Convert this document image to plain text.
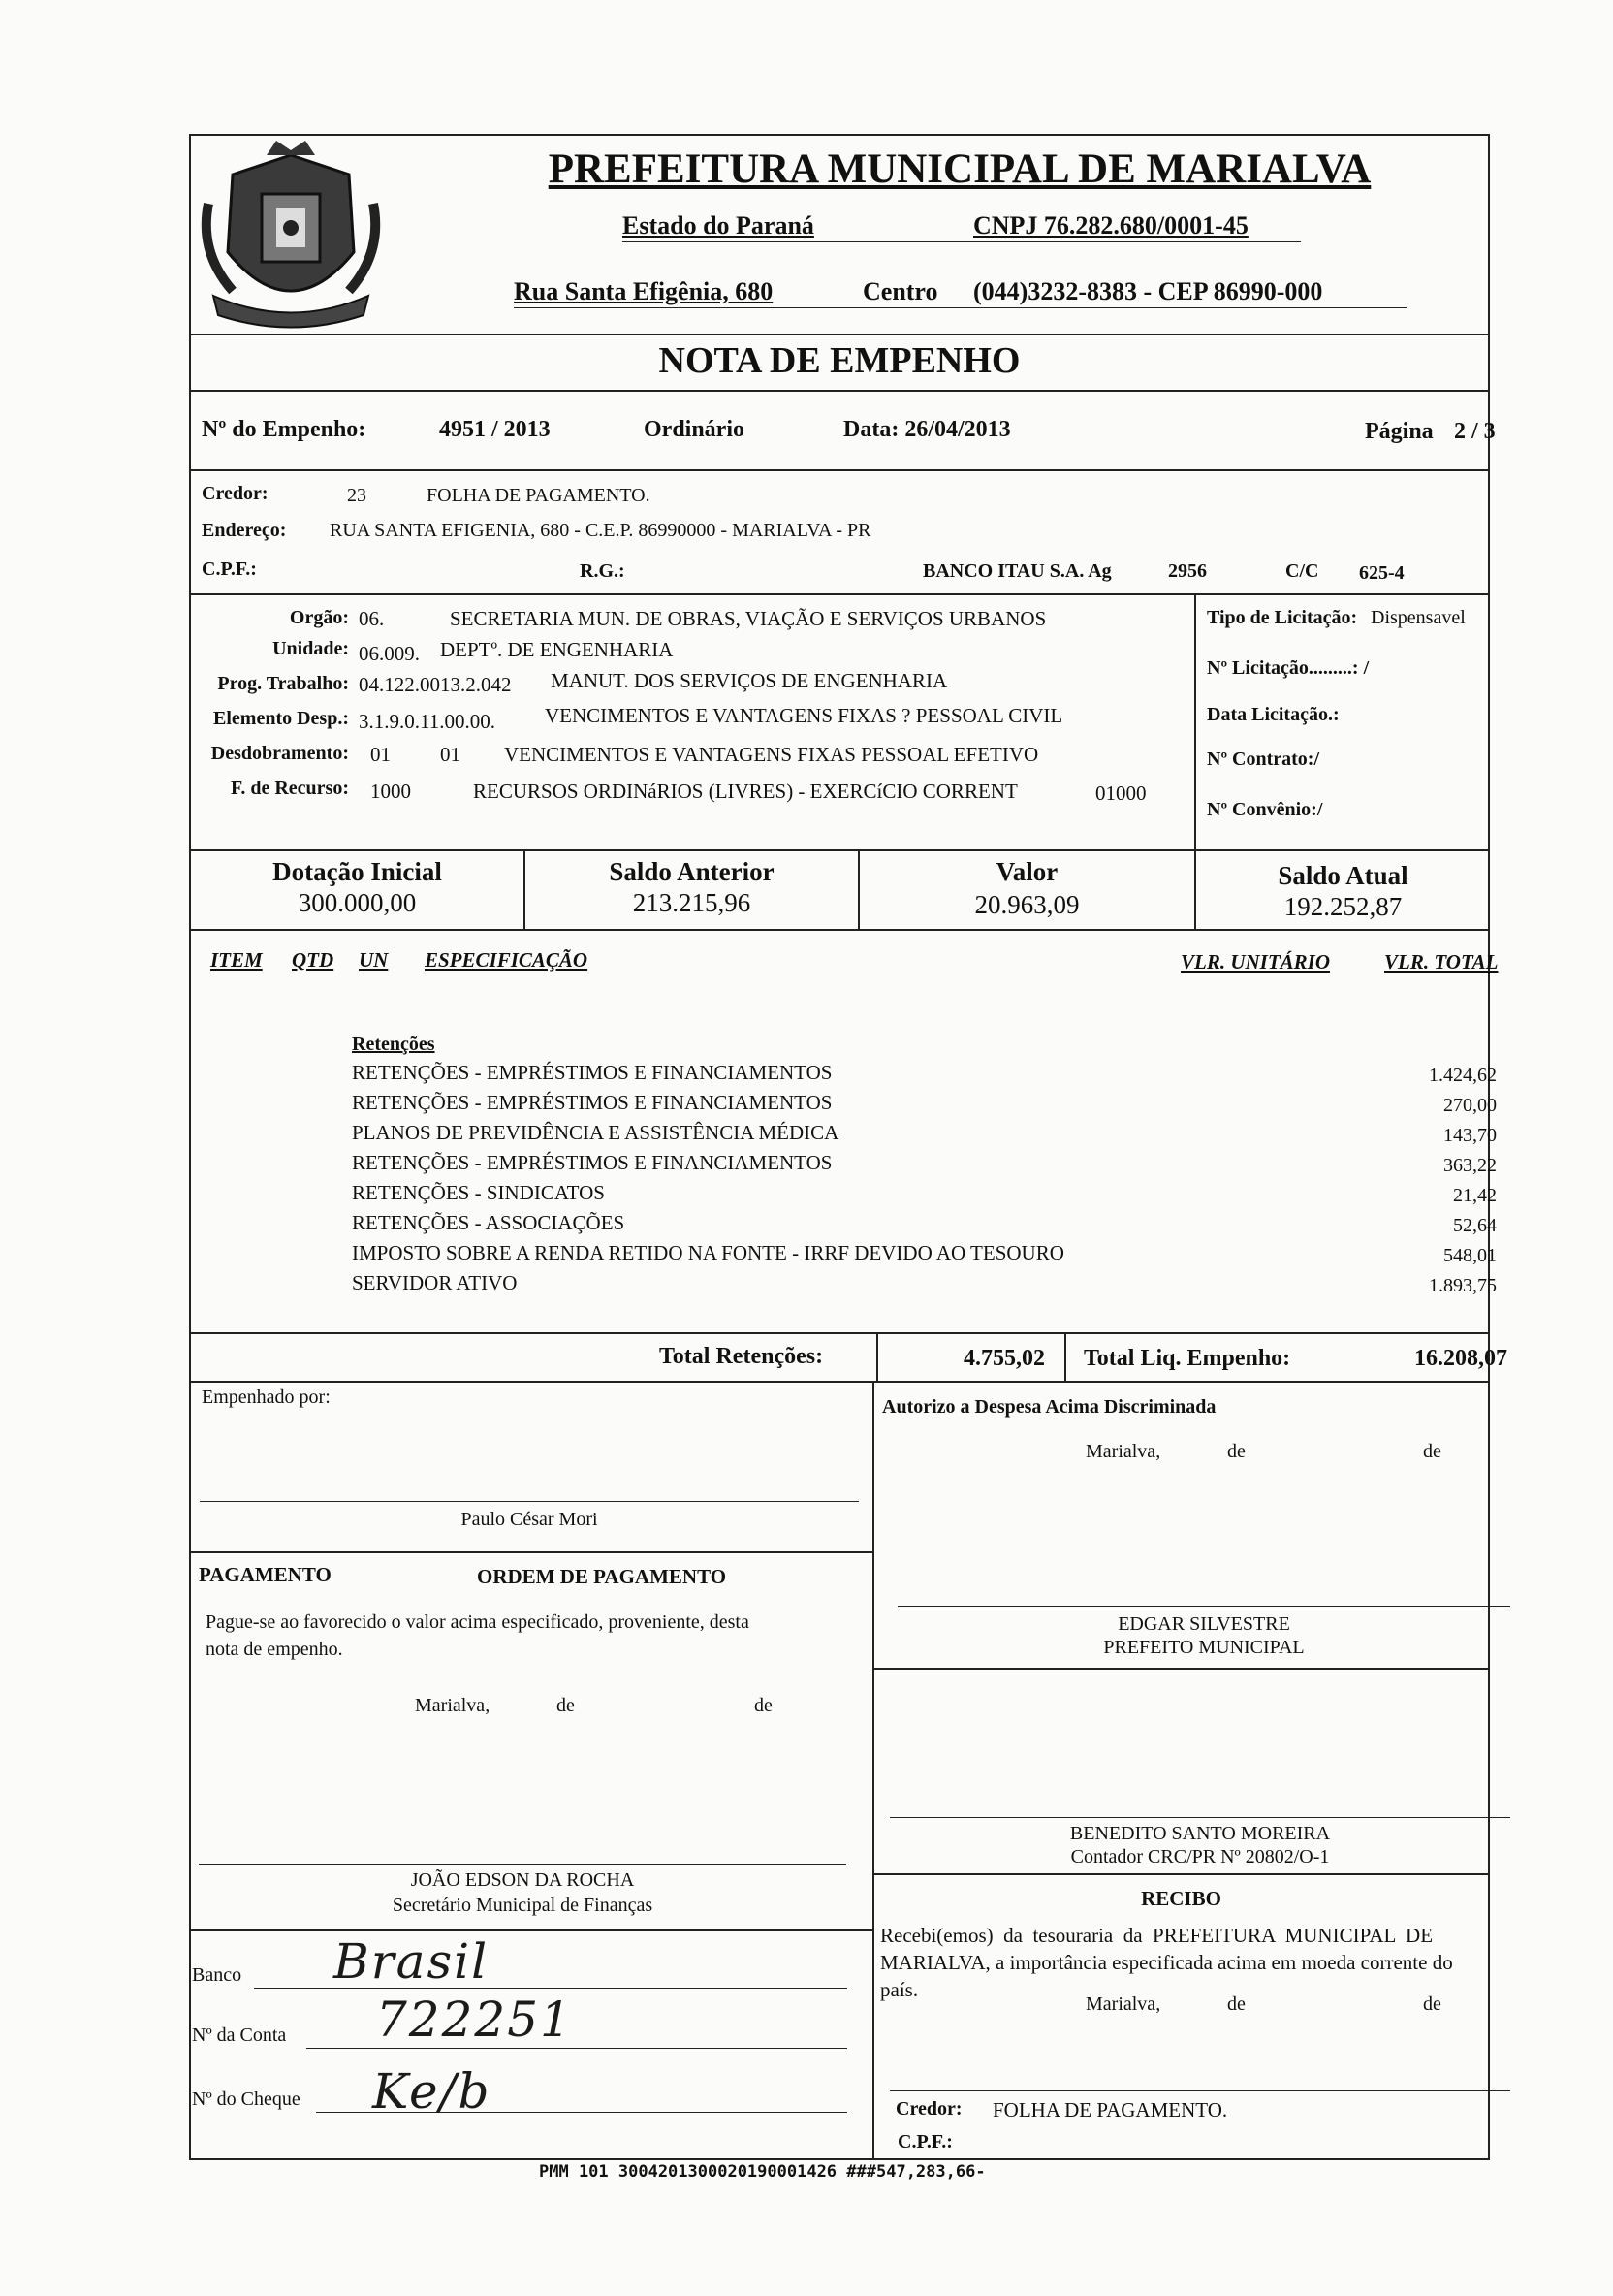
PREFEITURA MUNICIPAL DE MARIALVA
Estado do Paraná	CNPJ 76.282.680/0001-45
Rua Santa Efigênia, 680	Centro (044)3232-8383 - CEP 86990-000
NOTA DE EMPENHO
Nº do Empenho:	4951 / 2013	Ordinário	Data: 26/04/2013	Página 2 / 3
Credor:	23	FOLHA DE PAGAMENTO.
Endereço: RUA SANTA EFIGENIA, 680 - C.E.P. 86990000 - MARIALVA - PR
C.P.F.:	R.G.:	BANCO ITAU S.A. Ag	2956	C/C 625-4
Orgão: 06.	SECRETARIA MUN. DE OBRAS, VIAÇÃO E SERVIÇOS URBANOS
Unidade: 06.009. DEPTº. DE ENGENHARIA
Prog. Trabalho: 04.122.0013.2.042 MANUT. DOS SERVIÇOS DE ENGENHARIA
Elemento Desp.: 3.1.9.0.11.00.00. VENCIMENTOS E VANTAGENS FIXAS ? PESSOAL CIVIL
Desdobramento: 01 01 VENCIMENTOS E VANTAGENS FIXAS PESSOAL EFETIVO
F. de Recurso: 1000	RECURSOS ORDINáRIOS (LIVRES) - EXERCíCIO CORRENT	01000
Tipo de Licitação: Dispensavel
Nº Licitação.........: /
Data Licitação.:
Nº Contrato:/
Nº Convênio:/
Dotação Inicial
300.000,00
Saldo Anterior
213.215,96
Valor
20.963,09
Saldo Atual
192.252,87
ITEM QTD UN ESPECIFICAÇÃO	VLR. UNITÁRIO	VLR. TOTAL
Retenções
RETENÇÕES - EMPRÉSTIMOS E FINANCIAMENTOS	1.424,62
RETENÇÕES - EMPRÉSTIMOS E FINANCIAMENTOS	270,00
PLANOS DE PREVIDÊNCIA E ASSISTÊNCIA MÉDICA	143,70
RETENÇÕES - EMPRÉSTIMOS E FINANCIAMENTOS	363,22
RETENÇÕES - SINDICATOS	21,42
RETENÇÕES - ASSOCIAÇÕES	52,64
IMPOSTO SOBRE A RENDA RETIDO NA FONTE - IRRF DEVIDO AO TESOURO	548,01
SERVIDOR ATIVO	1.893,75
Total Retenções:	4.755,02 Total Liq. Empenho:	16.208,07
Empenhado por:
Paulo César Mori
Autorizo a Despesa Acima Discriminada
Marialva,	de	de
PAGAMENTO	ORDEM DE PAGAMENTO
Pague-se ao favorecido o valor acima especificado, proveniente, desta
nota de empenho.
Marialva,	de	de
EDGAR SILVESTRE
PREFEITO MUNICIPAL
BENEDITO SANTO MOREIRA
Contador CRC/PR Nº 20802/O-1
JOÃO EDSON DA ROCHA
Secretário Municipal de Finanças	RECIBO
Recebi(emos)  da  tesouraria  da  PREFEITURA  MUNICIPAL  DE
MARIALVA, a importância especificada acima em moeda corrente do
país.
Marialva,	de	de
Credor: FOLHA DE PAGAMENTO.
C.P.F.:
Banco Brasil
Nº da Conta 722251
Nº do Cheque Ke/b
PMM 101 3004201300020190001426 ###547,283,66-
